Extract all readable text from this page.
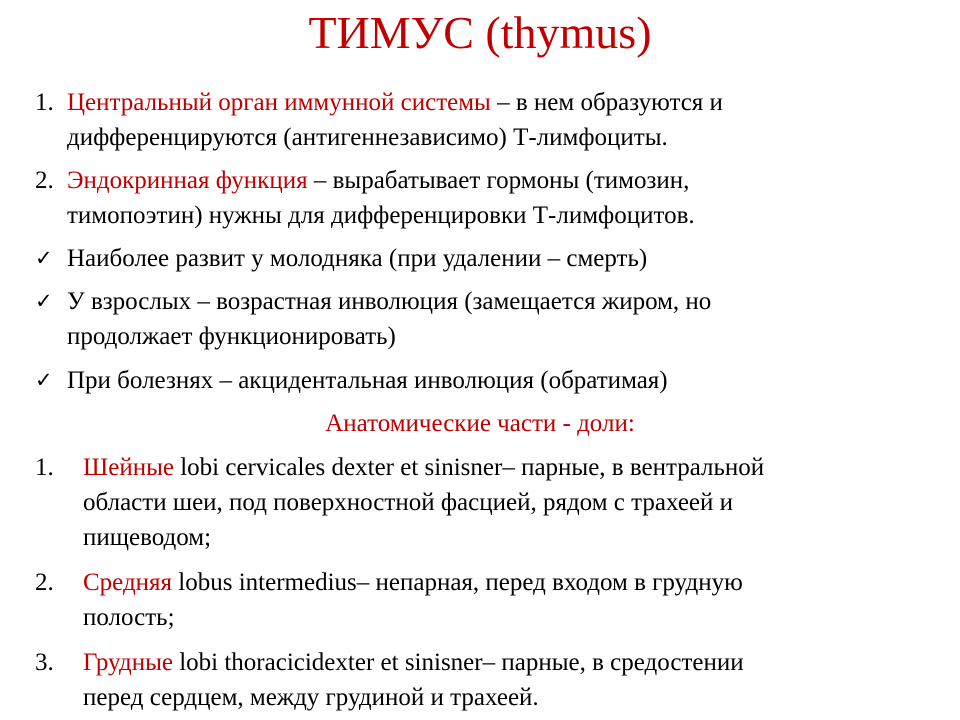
ТИМУС (thymus)
1. Центральный орган иммунной системы – в нем образуются и
дифференцируются (антигеннезависимо) Т-лимфоциты.
2. Эндокринная функция – вырабатывает гормоны (тимозин,
тимопоэтин) нужны для дифференцировки Т-лимфоцитов.
✓ Наиболее развит у молодняка (при удалении – смерть)
✓ У взрослых – возрастная инволюция (замещается жиром, но
продолжает функционировать)
✓ При болезнях – акцидентальная инволюция (обратимая)
Анатомические части - доли:
1. Шейные lobi cervicales dexter et sinisner– парные, в вентральной
области шеи, под поверхностной фасцией, рядом с трахеей и
пищеводом;
2. Средняя lobus intermedius– непарная, перед входом в грудную
полость;
3. Грудные lobi thoracicidexter et sinisner– парные, в средостении
перед сердцем, между грудиной и трахеей.
